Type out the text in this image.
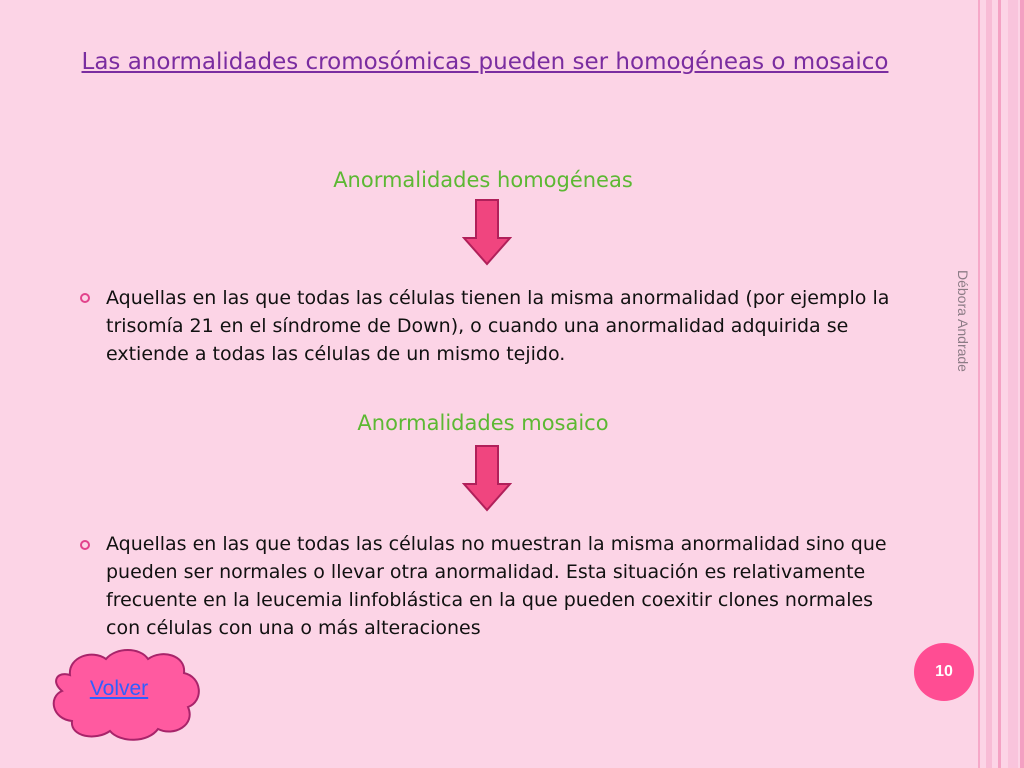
Las anormalidades cromosómicas pueden ser homogéneas o mosaico
Anormalidades homogéneas
Aquellas en las que todas las células tienen la misma anormalidad (por ejemplo la trisomía 21 en el síndrome de Down), o cuando una anormalidad adquirida se extiende a todas las células de un mismo tejido.
Anormalidades mosaico
Aquellas en las que todas las células no muestran la misma anormalidad sino que pueden ser normales o llevar otra anormalidad. Esta situación es relativamente frecuente en la leucemia linfoblástica en la que pueden coexitir clones normales con células con una o más alteraciones
Débora Andrade
10
Volver
